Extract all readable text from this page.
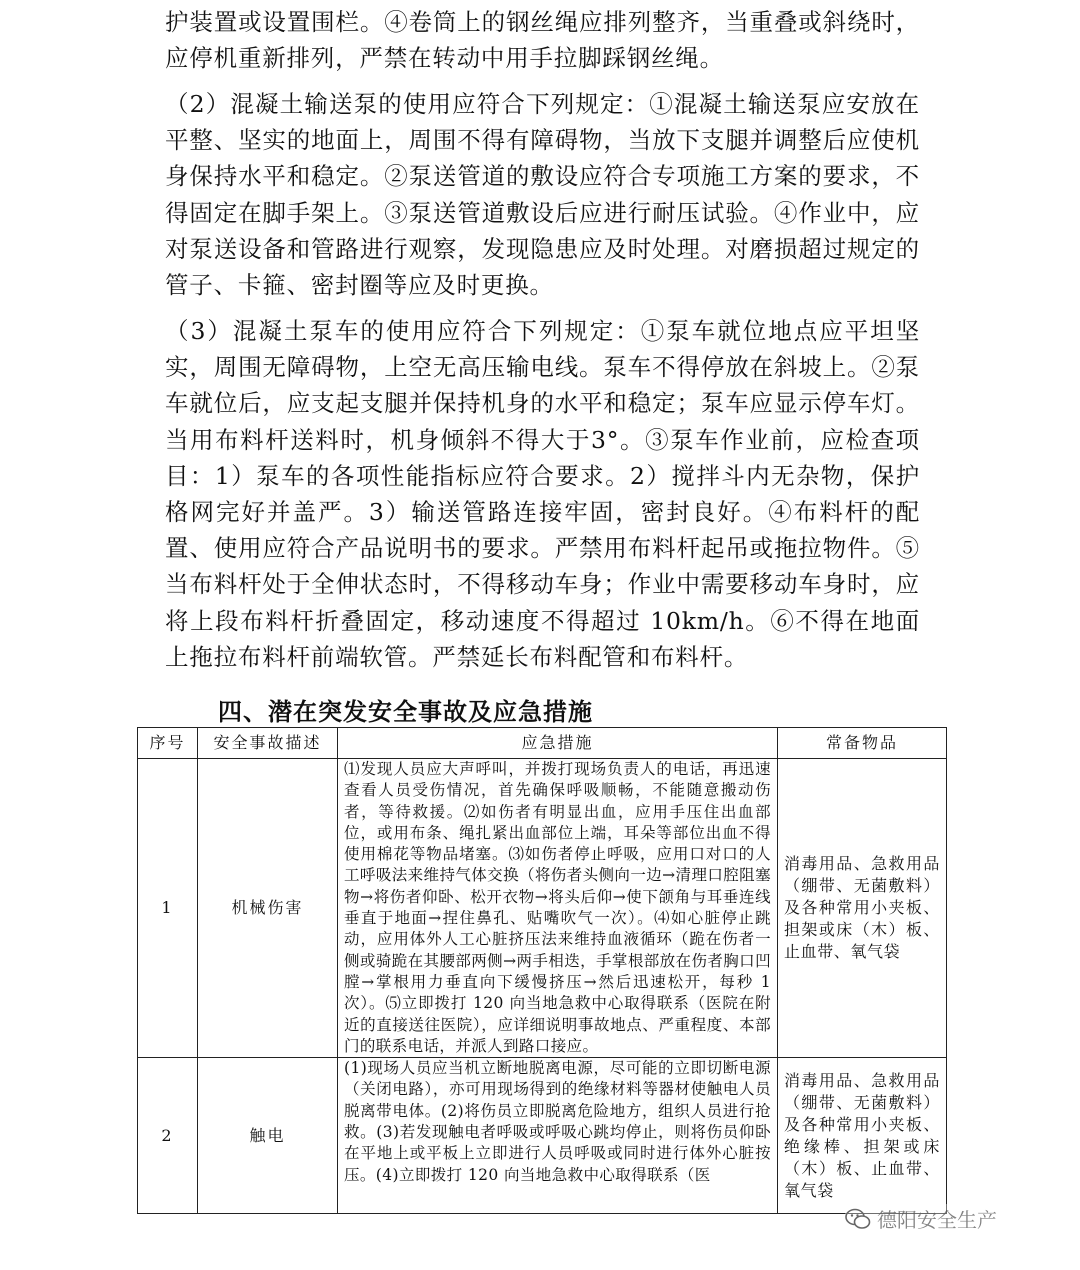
护装置或设置围栏。④卷筒上的钢丝绳应排列整齐，当重叠或斜绕时，应停机重新排列，严禁在转动中用手拉脚踩钢丝绳。

（2）混凝土输送泵的使用应符合下列规定：①混凝土输送泵应安放在平整、坚实的地面上，周围不得有障碍物，当放下支腿并调整后应使机身保持水平和稳定。②泵送管道的敷设应符合专项施工方案的要求，不得固定在脚手架上。③泵送管道敷设后应进行耐压试验。④作业中，应对泵送设备和管路进行观察，发现隐患应及时处理。对磨损超过规定的管子、卡箍、密封圈等应及时更换。

（3）混凝土泵车的使用应符合下列规定：①泵车就位地点应平坦坚实，周围无障碍物，上空无高压输电线。泵车不得停放在斜坡上。②泵车就位后，应支起支腿并保持机身的水平和稳定；泵车应显示停车灯。当用布料杆送料时，机身倾斜不得大于3°。③泵车作业前，应检查项目：1）泵车的各项性能指标应符合要求。2）搅拌斗内无杂物，保护格网完好并盖严。3）输送管路连接牢固，密封良好。④布料杆的配置、使用应符合产品说明书的要求。严禁用布料杆起吊或拖拉物件。⑤当布料杆处于全伸状态时，不得移动车身；作业中需要移动车身时，应将上段布料杆折叠固定，移动速度不得超过 10km/h。⑥不得在地面上拖拉布料杆前端软管。严禁延长布料配管和布料杆。

四、潜在突发安全事故及应急措施
序号	安全事故描述	应急措施	常备物品
1	机械伤害	⑴发现人员应大声呼叫，并拨打现场负责人的电话，再迅速查看人员受伤情况，首先确保呼吸顺畅，不能随意搬动伤者，等待救援。⑵如伤者有明显出血，应用手压住出血部位，或用布条、绳扎紧出血部位上端，耳朵等部位出血不得使用棉花等物品堵塞。⑶如伤者停止呼吸，应用口对口的人工呼吸法来维持气体交换（将伤者头侧向一边→清理口腔阻塞物→将伤者仰卧、松开衣物→将头后仰→使下颌角与耳垂连线垂直于地面→捏住鼻孔、贴嘴吹气一次）。⑷如心脏停止跳动，应用体外人工心脏挤压法来维持血液循环（跪在伤者一侧或骑跪在其腰部两侧→两手相迭，手掌根部放在伤者胸口凹膛→掌根用力垂直向下缓慢挤压→然后迅速松开，每秒 1 次）。⑸立即拨打 120 向当地急救中心取得联系（医院在附近的直接送往医院），应详细说明事故地点、严重程度、本部门的联系电话，并派人到路口接应。	消毒用品、急救用品（绷带、无菌敷料）及各种常用小夹板、担架或床（木）板、止血带、氧气袋
2	触电	(1)现场人员应当机立断地脱离电源，尽可能的立即切断电源（关闭电路），亦可用现场得到的绝缘材料等器材使触电人员脱离带电体。(2)将伤员立即脱离危险地方，组织人员进行抢救。(3)若发现触电者呼吸或呼吸心跳均停止，则将伤员仰卧在平地上或平板上立即进行人员呼吸或同时进行体外心脏按压。(4)立即拨打 120 向当地急救中心取得联系（医	消毒用品、急救用品（绷带、无菌敷料）及各种常用小夹板、绝缘棒、担架或床（木）板、止血带、氧气袋
德阳安全生产
